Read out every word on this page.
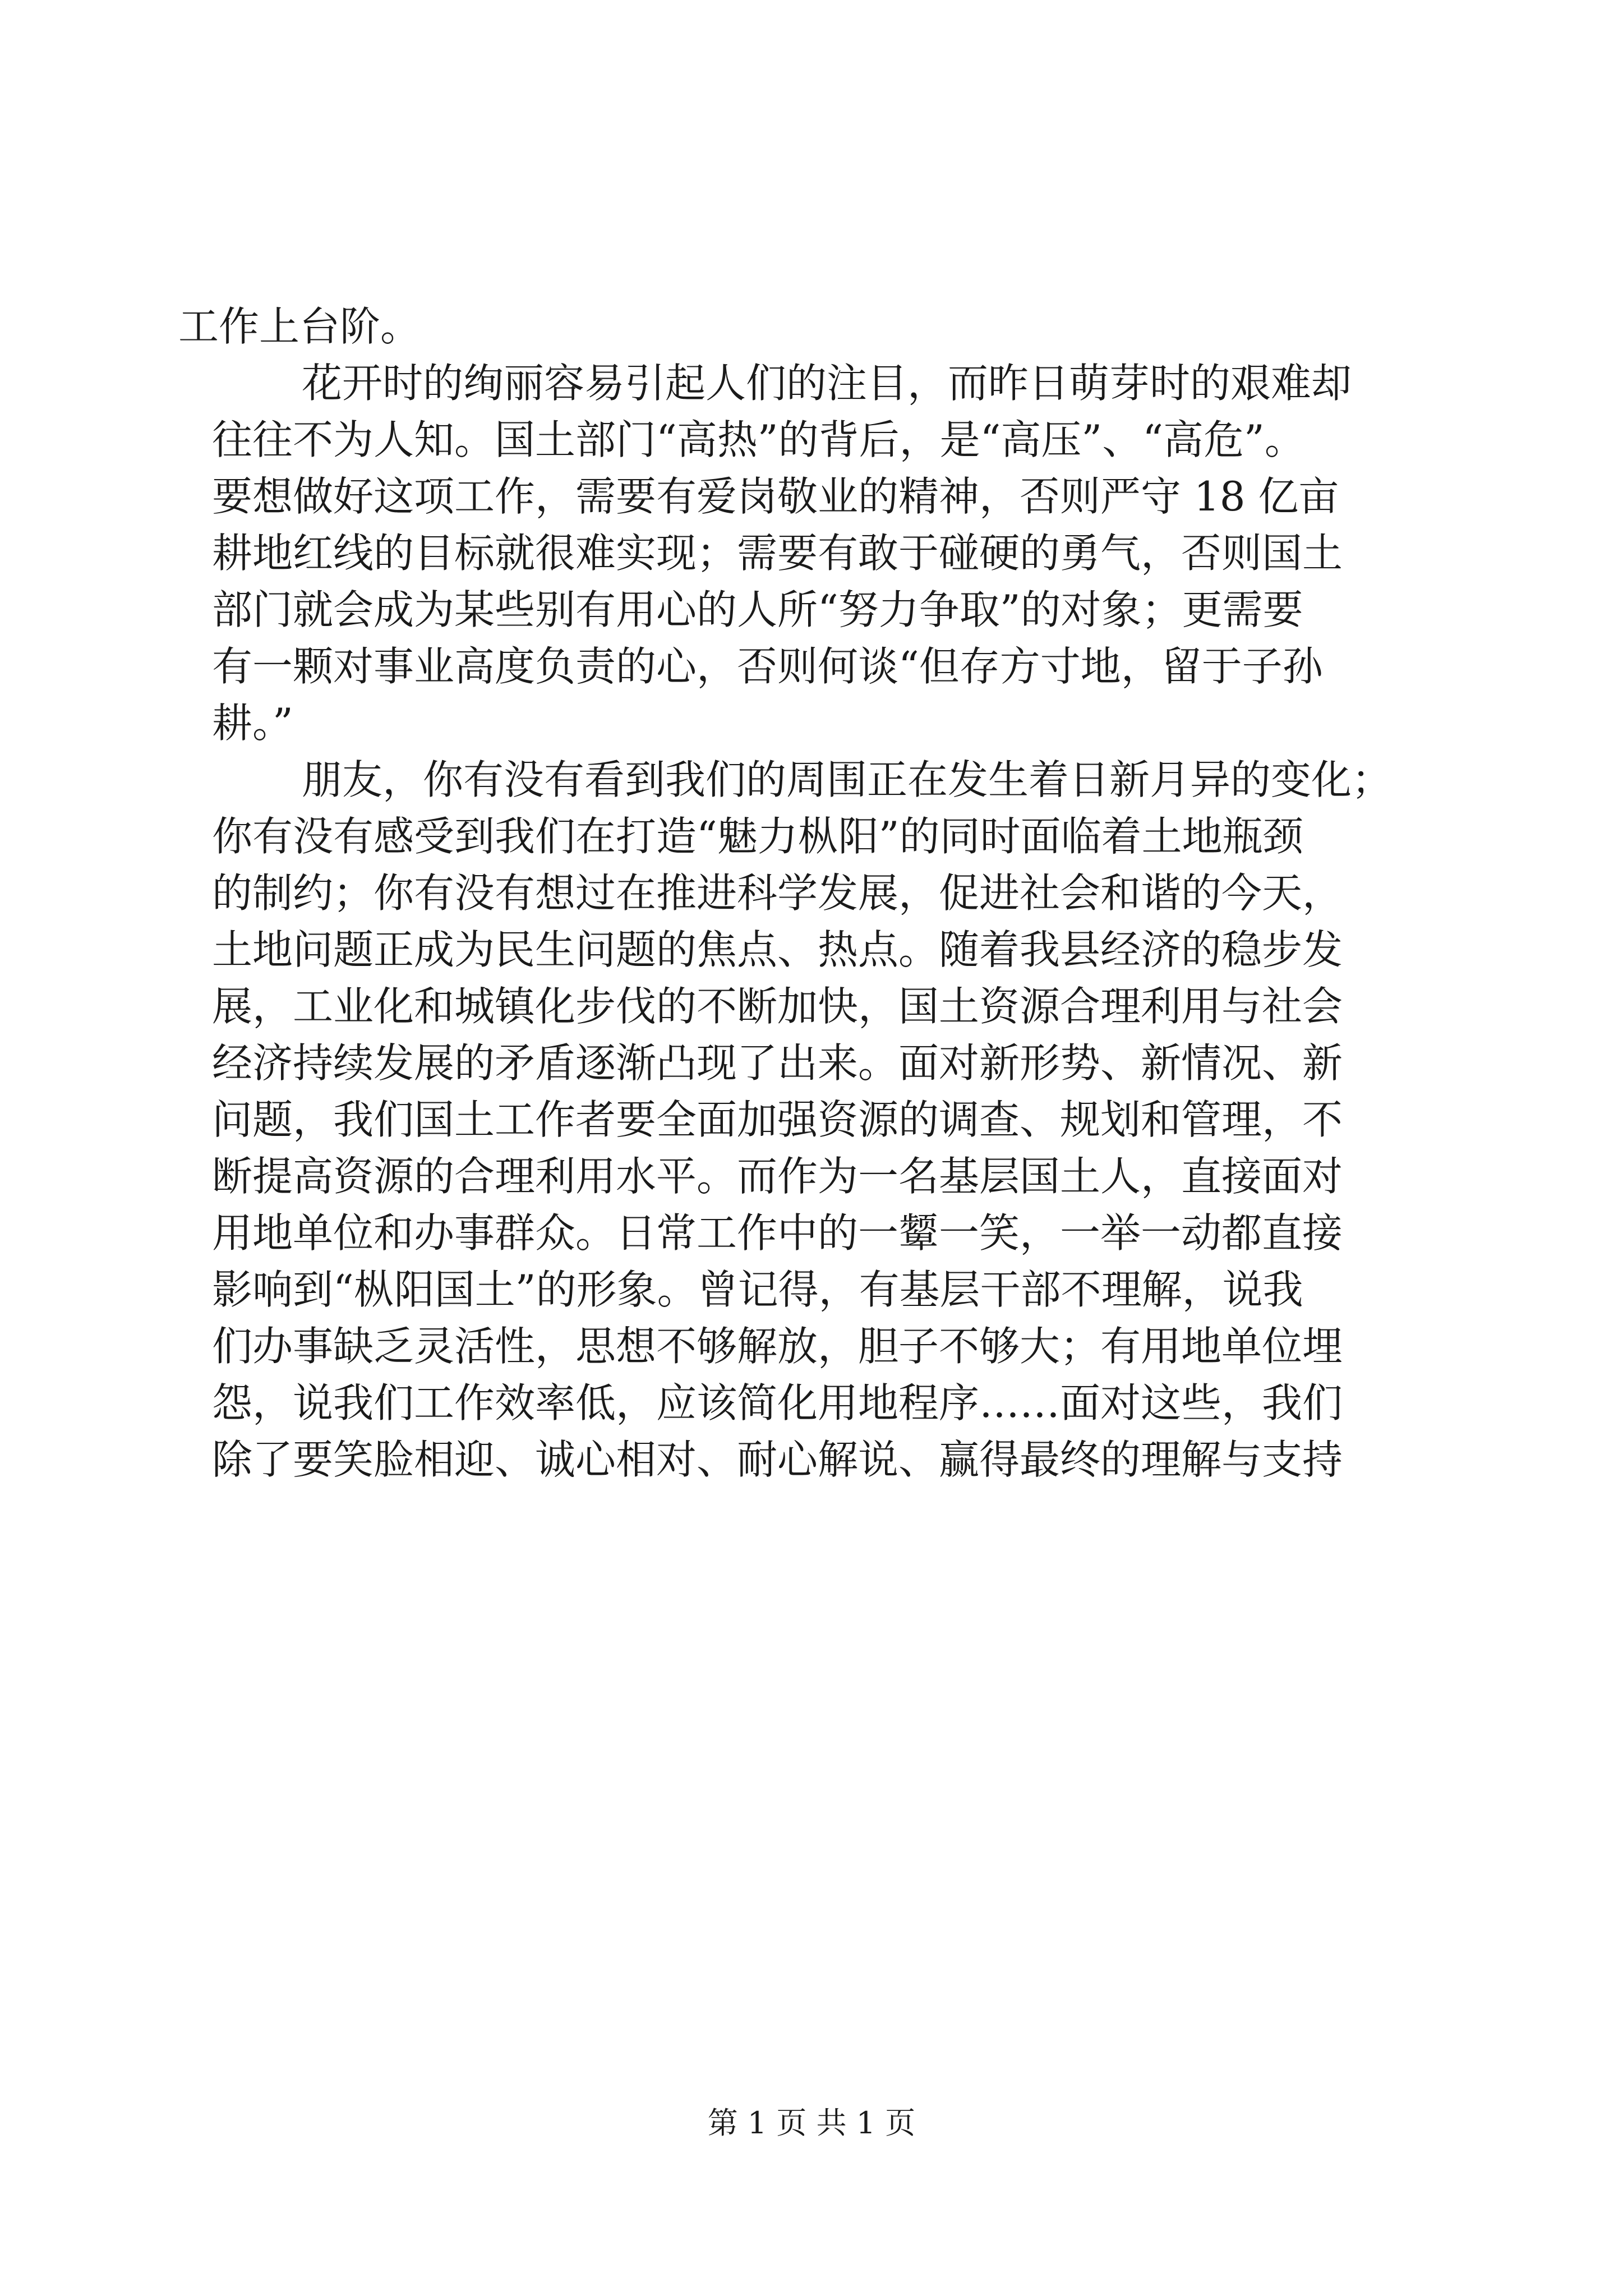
工作上台阶。
花开时的绚丽容易引起人们的注目，而昨日萌芽时的艰难却
往往不为人知。国土部门“高热”的背后，是“高压”、“高危”。
要想做好这项工作，需要有爱岗敬业的精神，否则严守 18 亿亩
耕地红线的目标就很难实现；需要有敢于碰硬的勇气，否则国土
部门就会成为某些别有用心的人所“努力争取”的对象；更需要
有一颗对事业高度负责的心，否则何谈“但存方寸地，留于子孙
耕。”
朋友，你有没有看到我们的周围正在发生着日新月异的变化；
你有没有感受到我们在打造“魅力枞阳”的同时面临着土地瓶颈
的制约；你有没有想过在推进科学发展，促进社会和谐的今天，
土地问题正成为民生问题的焦点、热点。随着我县经济的稳步发
展，工业化和城镇化步伐的不断加快，国土资源合理利用与社会
经济持续发展的矛盾逐渐凸现了出来。面对新形势、新情况、新
问题，我们国土工作者要全面加强资源的调查、规划和管理，不
断提高资源的合理利用水平。而作为一名基层国土人，直接面对
用地单位和办事群众。日常工作中的一颦一笑，一举一动都直接
影响到“枞阳国土”的形象。曾记得，有基层干部不理解，说我
们办事缺乏灵活性，思想不够解放，胆子不够大；有用地单位埋
怨，说我们工作效率低，应该简化用地程序……面对这些，我们
除了要笑脸相迎、诚心相对、耐心解说、赢得最终的理解与支持
第 1 页 共 1 页
